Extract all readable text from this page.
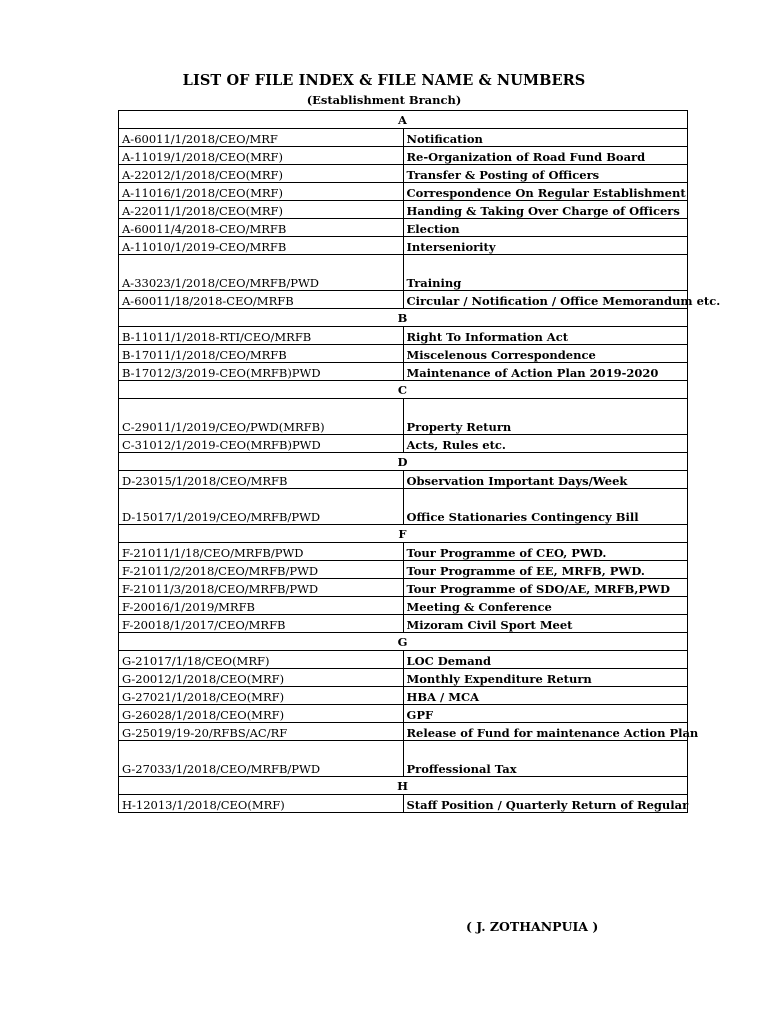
LIST OF FILE INDEX & FILE NAME & NUMBERS
(Establishment Branch)
A	
A-60011/1/2018/CEO/MRF	Notification
A-11019/1/2018/CEO(MRF)	Re-Organization of Road Fund Board
A-22012/1/2018/CEO(MRF)	Transfer & Posting of Officers
A-11016/1/2018/CEO(MRF)	Correspondence On Regular Establishment
A-22011/1/2018/CEO(MRF)	Handing & Taking Over Charge of Officers
A-60011/4/2018-CEO/MRFB	Election
A-11010/1/2019-CEO/MRFB	Interseniority
A-33023/1/2018/CEO/MRFB/PWD	Training
A-60011/18/2018-CEO/MRFB	Circular / Notification / Office Memorandum etc.
B	
B-11011/1/2018-RTI/CEO/MRFB	Right To Information Act
B-17011/1/2018/CEO/MRFB	Miscelenous Correspondence
B-17012/3/2019-CEO(MRFB)PWD	Maintenance of Action Plan 2019-2020
C	
C-29011/1/2019/CEO/PWD(MRFB)	Property Return
C-31012/1/2019-CEO(MRFB)PWD	Acts, Rules etc.
D	
D-23015/1/2018/CEO/MRFB	Observation Important Days/Week
D-15017/1/2019/CEO/MRFB/PWD	Office Stationaries Contingency Bill
F	
F-21011/1/18/CEO/MRFB/PWD	Tour Programme of CEO, PWD.
F-21011/2/2018/CEO/MRFB/PWD	Tour Programme of EE, MRFB, PWD.
F-21011/3/2018/CEO/MRFB/PWD	Tour Programme of SDO/AE, MRFB,PWD
F-20016/1/2019/MRFB	Meeting & Conference
F-20018/1/2017/CEO/MRFB	Mizoram Civil Sport Meet
G	
G-21017/1/18/CEO(MRF)	LOC Demand
G-20012/1/2018/CEO(MRF)	Monthly Expenditure Return
G-27021/1/2018/CEO(MRF)	HBA / MCA
G-26028/1/2018/CEO(MRF)	GPF
G-25019/19-20/RFBS/AC/RF	Release of Fund for maintenance Action Plan
G-27033/1/2018/CEO/MRFB/PWD	Proffessional Tax
H	
H-12013/1/2018/CEO(MRF)	Staff Position / Quarterly Return of Regular
( J. ZOTHANPUIA )
